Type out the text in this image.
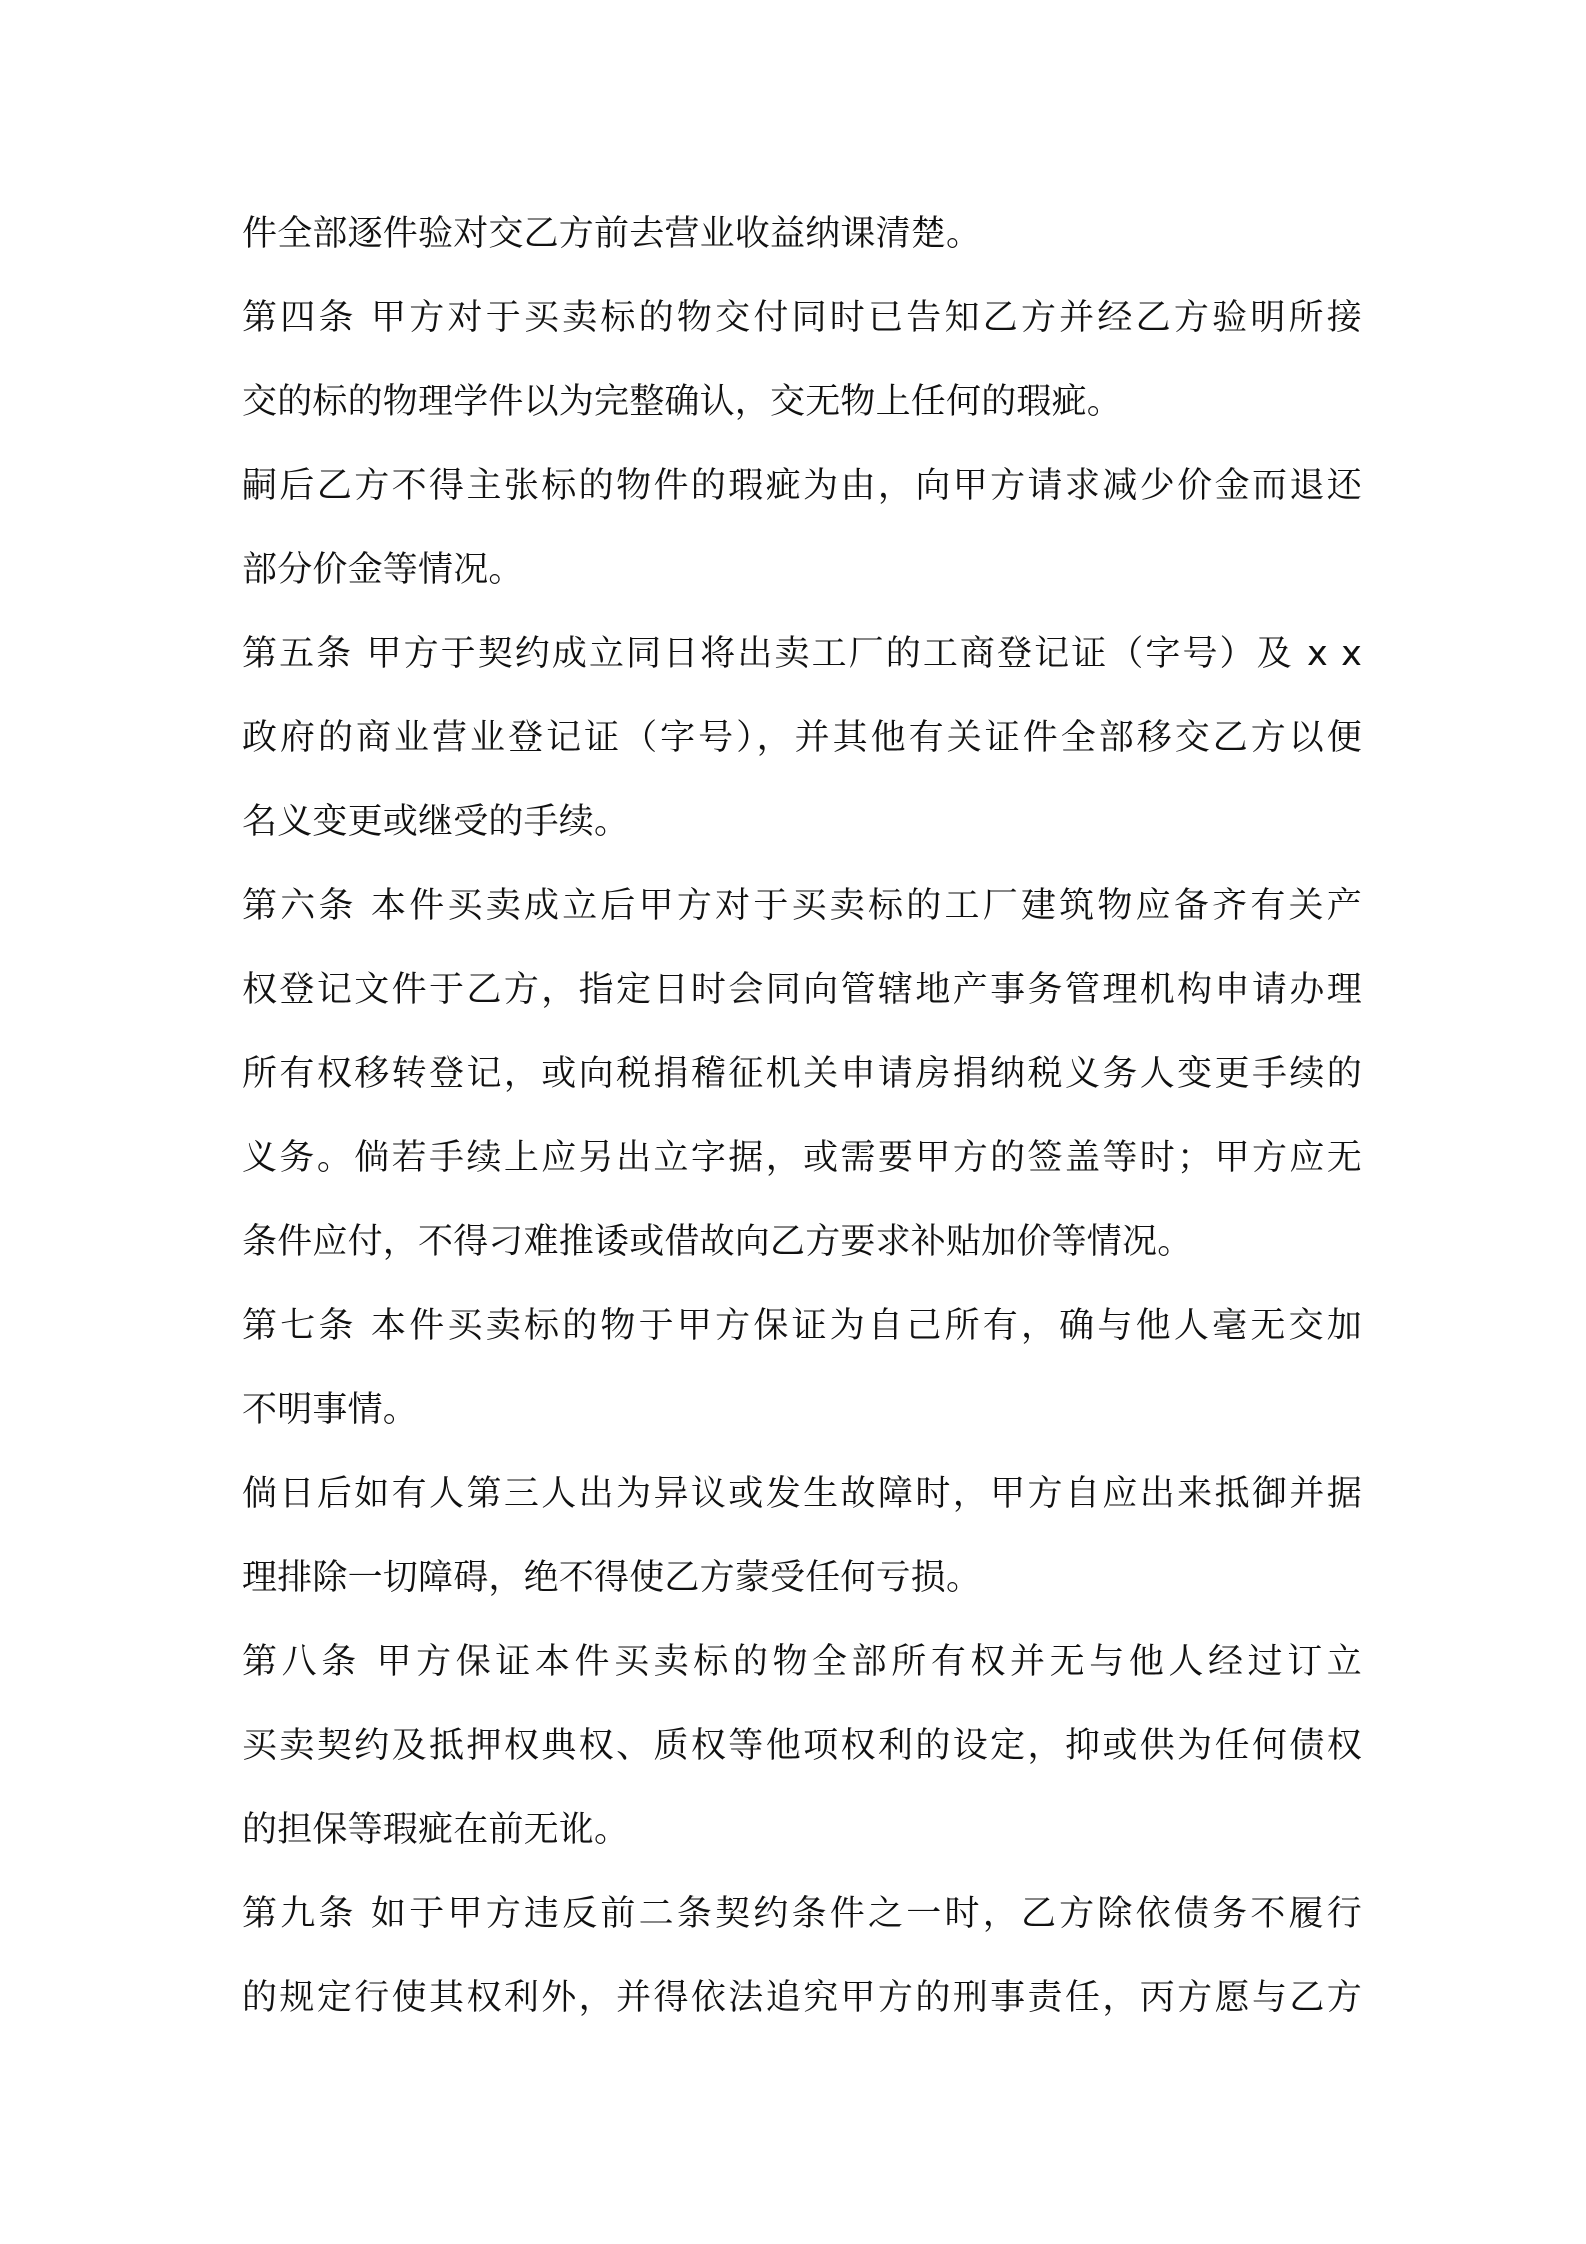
件全部逐件验对交乙方前去营业收益纳课清楚。
第四条 甲方对于买卖标的物交付同时已告知乙方并经乙方验明所接
交的标的物理学件以为完整确认，交无物上任何的瑕疵。
嗣后乙方不得主张标的物件的瑕疵为由，向甲方请求减少价金而退还
部分价金等情况。
第五条 甲方于契约成立同日将出卖工厂的工商登记证（字号）及 x x
政府的商业营业登记证（字号），并其他有关证件全部移交乙方以便
名义变更或继受的手续。
第六条 本件买卖成立后甲方对于买卖标的工厂建筑物应备齐有关产
权登记文件于乙方，指定日时会同向管辖地产事务管理机构申请办理
所有权移转登记，或向税捐稽征机关申请房捐纳税义务人变更手续的
义务。倘若手续上应另出立字据，或需要甲方的签盖等时；甲方应无
条件应付，不得刁难推诿或借故向乙方要求补贴加价等情况。
第七条 本件买卖标的物于甲方保证为自己所有，确与他人毫无交加
不明事情。
倘日后如有人第三人出为异议或发生故障时，甲方自应出来抵御并据
理排除一切障碍，绝不得使乙方蒙受任何亏损。
第八条 甲方保证本件买卖标的物全部所有权并无与他人经过订立
买卖契约及抵押权典权、质权等他项权利的设定，抑或供为任何债权
的担保等瑕疵在前无讹。
第九条 如于甲方违反前二条契约条件之一时，乙方除依债务不履行
的规定行使其权利外，并得依法追究甲方的刑事责任，丙方愿与乙方
